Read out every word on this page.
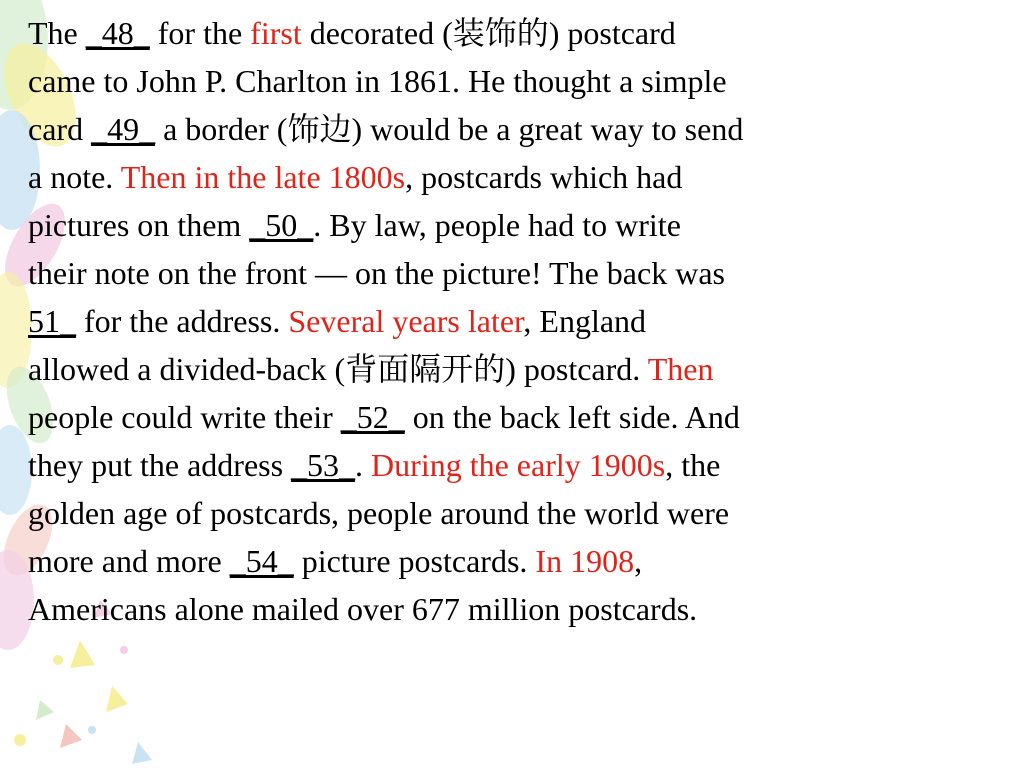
The _48_ for the first decorated (装饰的) postcard
came to John P. Charlton in 1861. He thought a simple
card _49_ a border (饰边) would be a great way to send
a note. Then in the late 1800s, postcards which had
pictures on them _50_. By law, people had to write
their note on the front — on the picture! The back was
51_ for the address. Several years later, England
allowed a divided-back (背面隔开的) postcard. Then
people could write their _52_ on the back left side. And
they put the address _53_. During the early 1900s, the
golden age of postcards, people around the world were
more and more _54_ picture postcards. In 1908,
Americans alone mailed over 677 million postcards.
